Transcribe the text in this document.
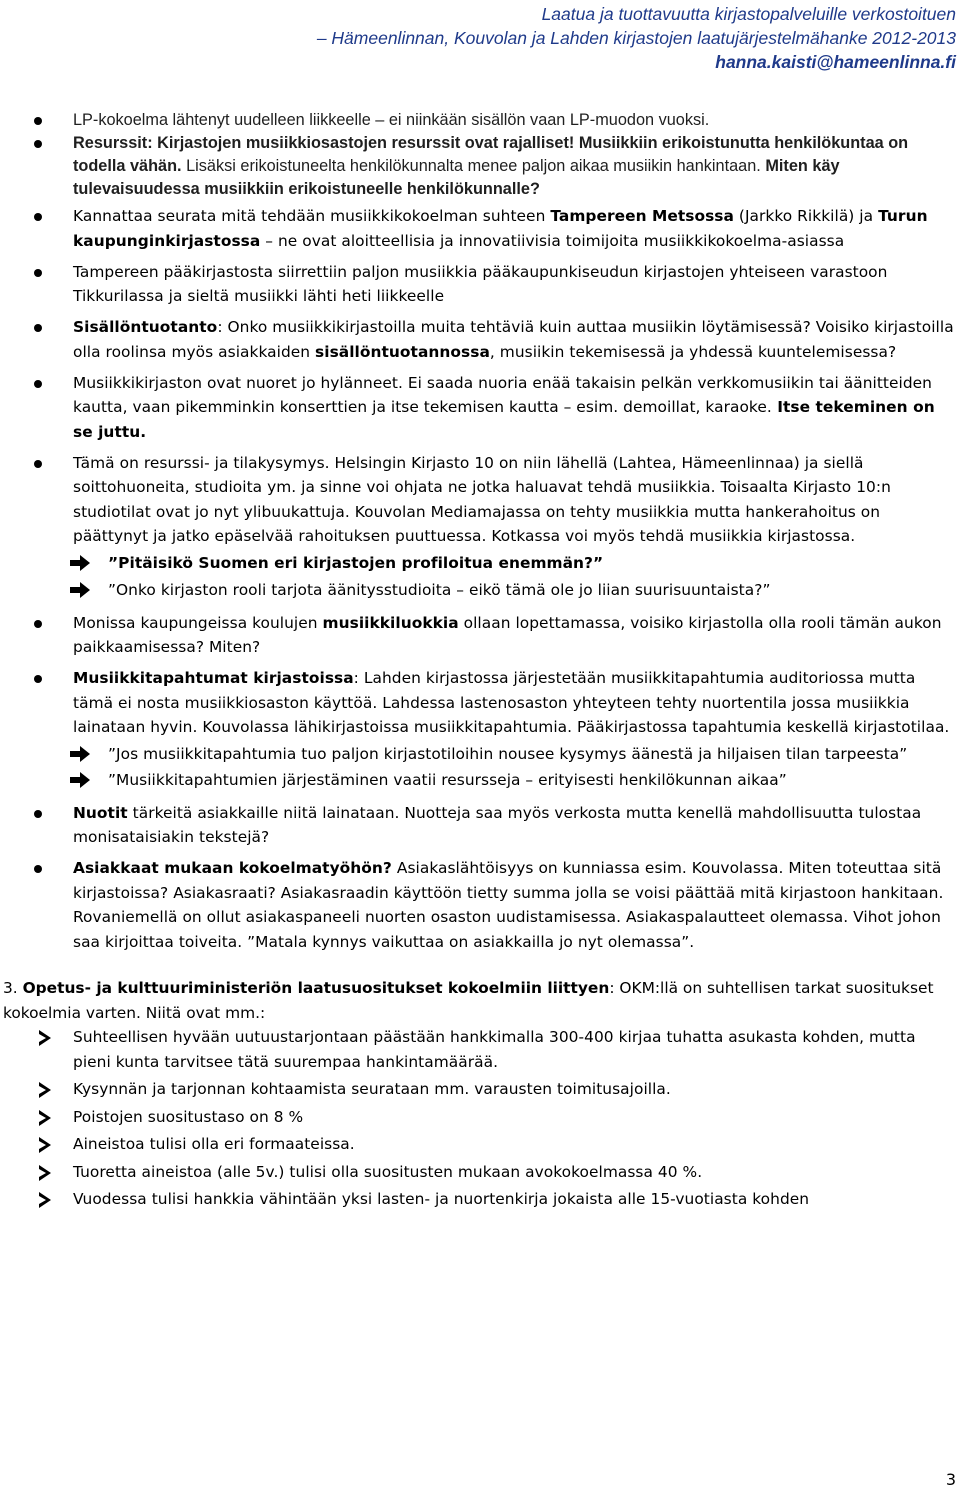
Laatua ja tuottavuutta kirjastopalveluille verkostoituen
– Hämeenlinnan, Kouvolan ja Lahden kirjastojen laatujärjestelmähanke 2012-2013
hanna.kaisti@hameenlinna.fi
LP-kokoelma lähtenyt uudelleen liikkeelle – ei niinkään sisällön vaan LP-muodon vuoksi.
Resurssit: Kirjastojen musiikkiosastojen resurssit ovat rajalliset! Musiikkiin erikoistunutta henkilökuntaa on todella vähän. Lisäksi erikoistuneelta henkilökunnalta menee paljon aikaa musiikin hankintaan. Miten käy tulevaisuudessa musiikkiin erikoistuneelle henkilökunnalle?
Kannattaa seurata mitä tehdään musiikkikokoelman suhteen Tampereen Metsossa (Jarkko Rikkilä) ja Turun kaupunginkirjastossa – ne ovat aloitteellisia ja innovatiivisia toimijoita musiikkikokoelma-asiassa
Tampereen pääkirjastosta siirrettiin paljon musiikkia pääkaupunkiseudun kirjastojen yhteiseen varastoon Tikkurilassa ja sieltä musiikki lähti heti liikkeelle
Sisällöntuotanto: Onko musiikkikirjastoilla muita tehtäviä kuin auttaa musiikin löytämisessä? Voisiko kirjastoilla olla roolinsa myös asiakkaiden sisällöntuotannossa, musiikin tekemisessä ja yhdessä kuuntelemisessa?
Musiikkikirjaston ovat nuoret jo hylänneet. Ei saada nuoria enää takaisin pelkän verkkomusiikin tai äänitteiden kautta, vaan pikemminkin konserttien ja itse tekemisen kautta – esim. demoillat, karaoke. Itse tekeminen on se juttu.
Tämä on resurssi- ja tilakysymys. Helsingin Kirjasto 10 on niin lähellä (Lahtea, Hämeenlinnaa) ja siellä soittohuoneita, studioita ym. ja sinne voi ohjata ne jotka haluavat tehdä musiikkia. Toisaalta Kirjasto 10:n studiotilat ovat jo nyt ylibuukattuja. Kouvolan Mediamajassa on tehty musiikkia mutta hankerahoitus on päättynyt ja jatko epäselvää rahoituksen puuttuessa. Kotkassa voi myös tehdä musiikkia kirjastossa.
”Pitäisikö Suomen eri kirjastojen profiloitua enemmän?”
”Onko kirjaston rooli tarjota äänitysstudioita – eikö tämä ole jo liian suurisuuntaista?”
Monissa kaupungeissa koulujen musiikkiluokkia ollaan lopettamassa, voisiko kirjastolla olla rooli tämän aukon paikkaamisessa? Miten?
Musiikkitapahtumat kirjastoissa: Lahden kirjastossa järjestetään musiikkitapahtumia auditoriossa mutta tämä ei nosta musiikkiosaston käyttöä. Lahdessa lastenosaston yhteyteen tehty nuortentila jossa musiikkia lainataan hyvin. Kouvolassa lähikirjastoissa musiikkitapahtumia. Pääkirjastossa tapahtumia keskellä kirjastotilaa.
”Jos musiikkitapahtumia tuo paljon kirjastotiloihin nousee kysymys äänestä ja hiljaisen tilan tarpeesta”
”Musiikkitapahtumien järjestäminen vaatii resursseja – erityisesti henkilökunnan aikaa”
Nuotit tärkeitä asiakkaille niitä lainataan. Nuotteja saa myös verkosta mutta kenellä mahdollisuutta tulostaa monisataisiakin tekstejä?
Asiakkaat mukaan kokoelmatyöhön? Asiakaslähtöisyys on kunniassa esim. Kouvolassa. Miten toteuttaa sitä kirjastoissa? Asiakasraati? Asiakasraadin käyttöön tietty summa jolla se voisi päättää mitä kirjastoon hankitaan. Rovaniemellä on ollut asiakaspaneeli nuorten osaston uudistamisessa. Asiakaspalautteet olemassa. Vihot johon saa kirjoittaa toiveita. ”Matala kynnys vaikuttaa on asiakkailla jo nyt olemassa”.
3. Opetus- ja kulttuuriministeriön laatusuositukset kokoelmiin liittyen: OKM:llä on suhtellisen tarkat suositukset kokoelmia varten. Niitä ovat mm.:
Suhteellisen hyvään uutuustarjontaan päästään hankkimalla 300-400 kirjaa tuhatta asukasta kohden, mutta pieni kunta tarvitsee tätä suurempaa hankintamäärää.
Kysynnän ja tarjonnan kohtaamista seurataan mm. varausten toimitusajoilla.
Poistojen suositustaso on 8 %
Aineistoa tulisi olla eri formaateissa.
Tuoretta aineistoa (alle 5v.) tulisi olla suositusten mukaan avokokoelmassa 40 %.
Vuodessa tulisi hankkia vähintään yksi lasten- ja nuortenkirja jokaista alle 15-vuotiasta kohden
3
